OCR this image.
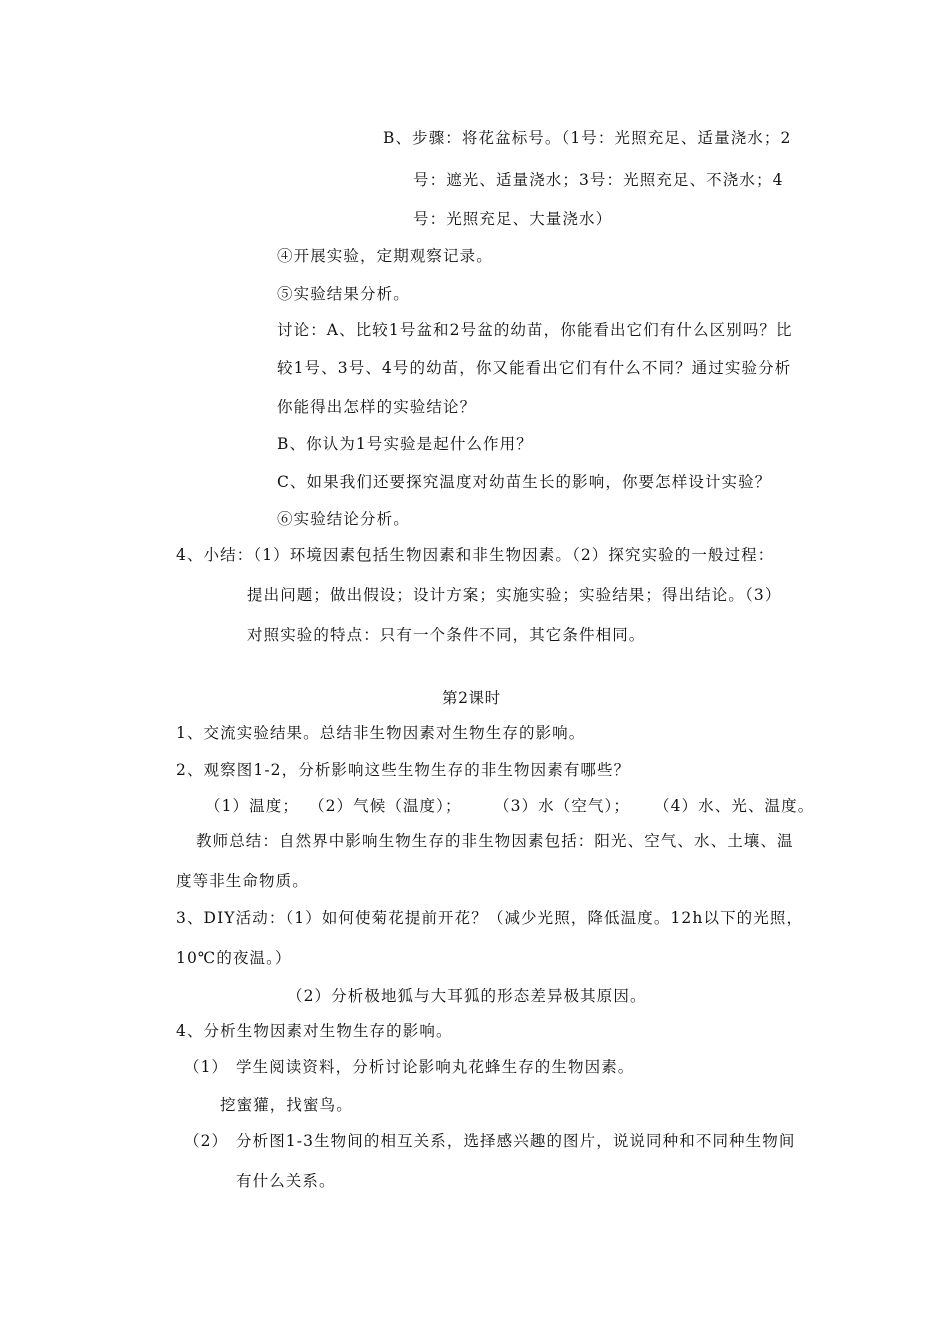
B、步骤：将花盆标号。（1号：光照充足、适量浇水；2
号：遮光、适量浇水；3号：光照充足、不浇水；4
号：光照充足、大量浇水）
④开展实验，定期观察记录。
⑤实验结果分析。
讨论：A、比较1号盆和2号盆的幼苗，你能看出它们有什么区别吗？比
较1号、3号、4号的幼苗，你又能看出它们有什么不同？通过实验分析
你能得出怎样的实验结论？
B、你认为1号实验是起什么作用？
C、如果我们还要探究温度对幼苗生长的影响，你要怎样设计实验？
⑥实验结论分析。
4、小结：（1）环境因素包括生物因素和非生物因素。（2）探究实验的一般过程：
提出问题；做出假设；设计方案；实施实验；实验结果；得出结论。（3）
对照实验的特点：只有一个条件不同，其它条件相同。
第2课时
1、交流实验结果。总结非生物因素对生物生存的影响。
2、观察图1-2，分析影响这些生物生存的非生物因素有哪些？
（1）温度； （2）气候（温度）； （3）水（空气）； （4）水、光、温度。
教师总结：自然界中影响生物生存的非生物因素包括：阳光、空气、水、土壤、温
度等非生命物质。
3、DIY活动：（1）如何使菊花提前开花？（减少光照，降低温度。12h以下的光照，
10℃的夜温。）
（2）分析极地狐与大耳狐的形态差异极其原因。
4、分析生物因素对生物生存的影响。
（1） 学生阅读资料，分析讨论影响丸花蜂生存的生物因素。
挖蜜獾，找蜜鸟。
（2） 分析图1-3生物间的相互关系，选择感兴趣的图片，说说同种和不同种生物间
有什么关系。
